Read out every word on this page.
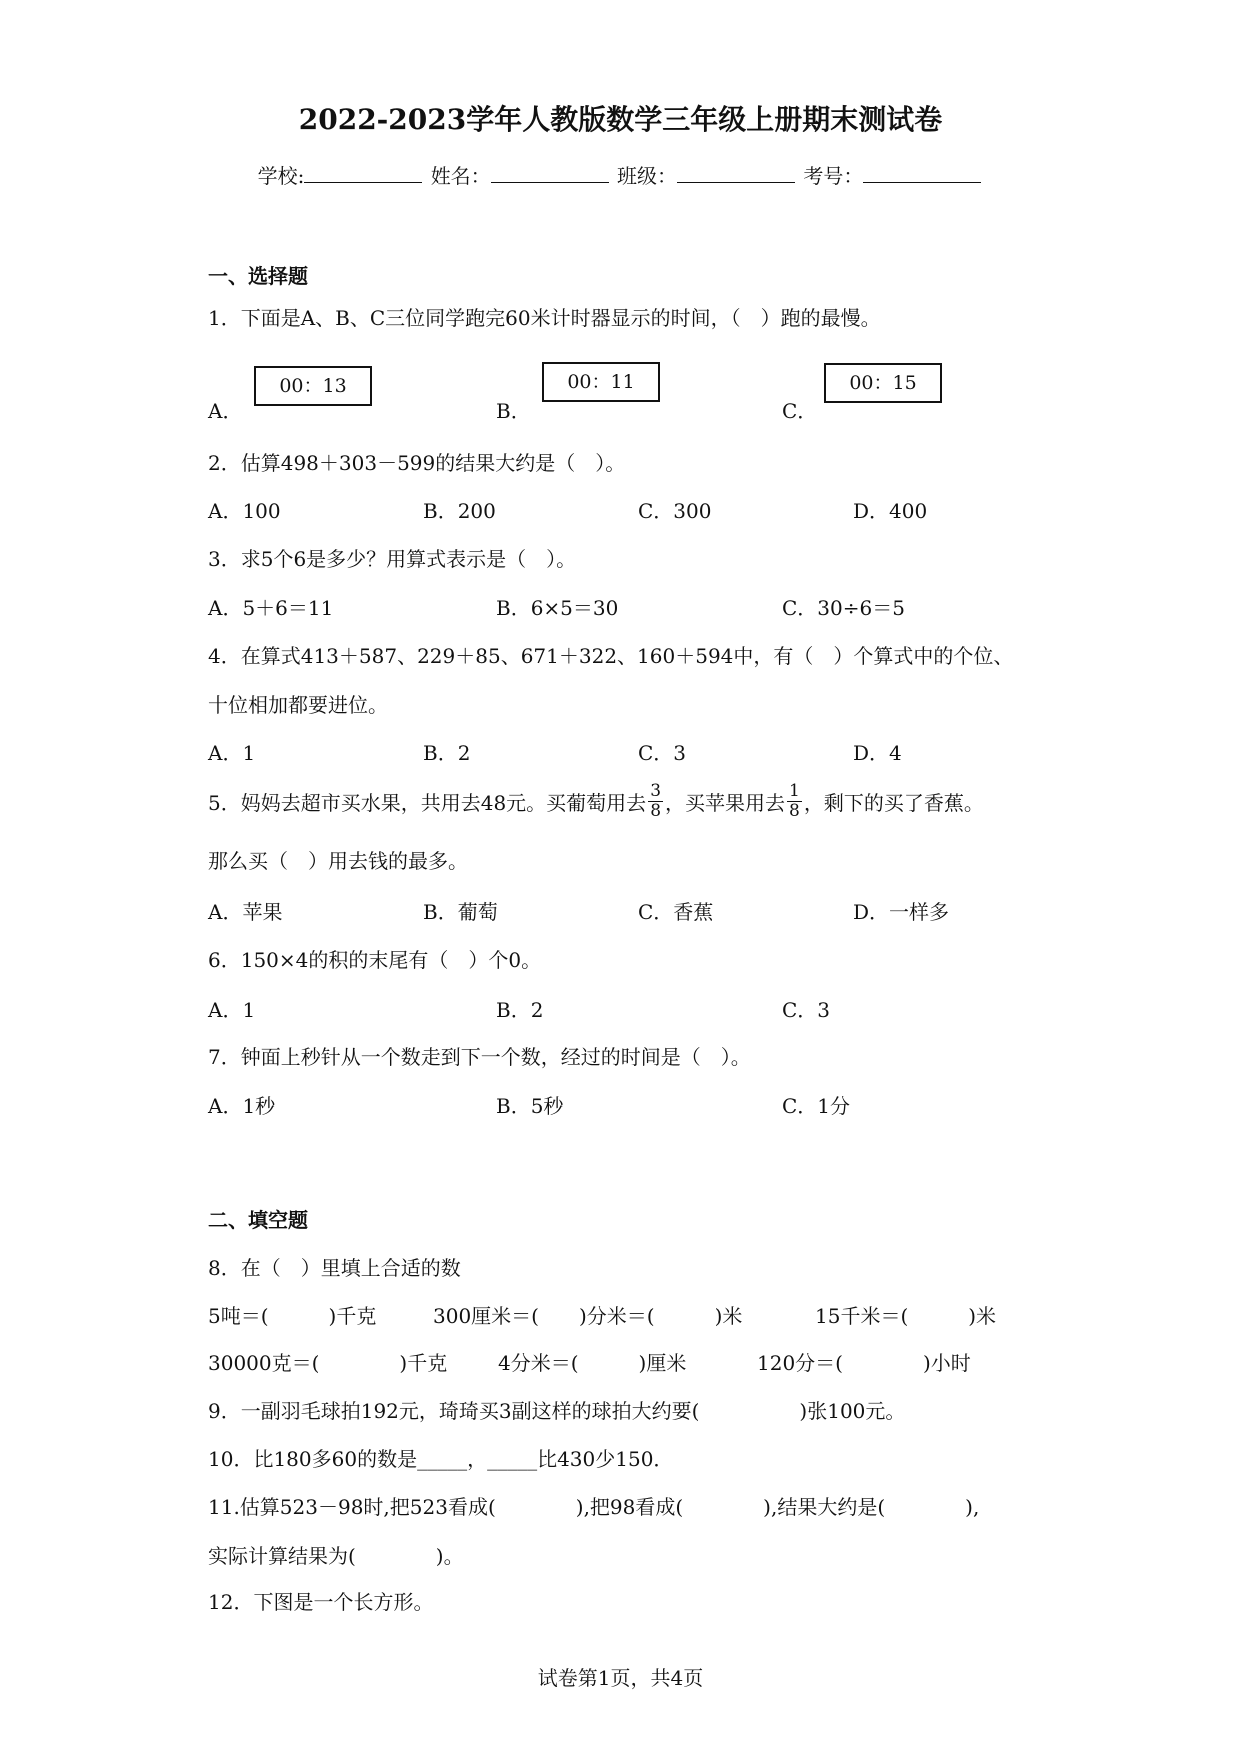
2022-2023学年人教版数学三年级上册期末测试卷
学校:	姓名：	班级：	考号：
一、选择题
1．下面是A、B、C三位同学跑完60米计时器显示的时间，（　）跑的最慢。
A．
00：13
B．
00：11
C．
00：15
2．估算498＋303－599的结果大约是（　）。
A．100	B．200	C．300	D．400
3．求5个6是多少？用算式表示是（　）。
A．5＋6＝11	B．6×5＝30	C．30÷6＝5
4．在算式413＋587、229＋85、671＋322、160＋594中，有（　）个算式中的个位、
十位相加都要进位。
A．1	B．2	C．3	D．4
5．妈妈去超市买水果，共用去48元。买葡萄用去 $\frac{3}{8}$ ，买苹果用去 $\frac{1}{8}$ ，剩下的买了香蕉。
那么买（　）用去钱的最多。
A．苹果	B．葡萄	C．香蕉	D．一样多
6．150×4的积的末尾有（　）个0。
A．1	B．2	C．3
7．钟面上秒针从一个数走到下一个数，经过的时间是（　）。
A．1秒	B．5秒	C．1分
二、填空题
8．在（　）里填上合适的数
5吨＝(　　　)千克	300厘米＝(　　)分米＝(　　　)米	15千米＝(　　　)米
30000克＝(　　　　)千克	4分米＝(　　　)厘米	120分＝(　　　　)小时
9．一副羽毛球拍192元，琦琦买3副这样的球拍大约要(　　　　　)张100元。
10．比180多60的数是_____，_____比430少150．
11.估算523－98时,把523看成(　　　　),把98看成(　　　　),结果大约是(　　　　),
实际计算结果为(　　　　)。
12．下图是一个长方形。
试卷第1页，共4页
